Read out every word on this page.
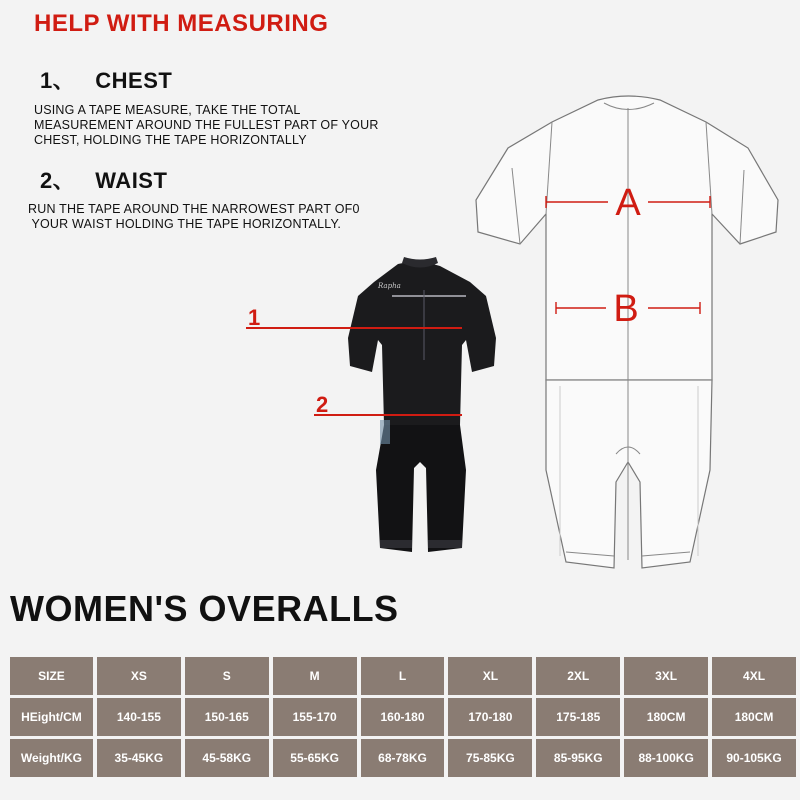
HELP WITH MEASURING
1、 CHEST

USING A TAPE MEASURE, TAKE THE TOTAL

MEASUREMENT AROUND THE FULLEST PART OF YOUR

CHEST, HOLDING THE TAPE HORIZONTALLY

2、 WAIST

RUN THE TAPE AROUND THE NARROWEST PART OF0

YOUR WAIST HOLDING THE TAPE HORIZONTALLY.

Rapha
1
2
A
B
WOMEN'S OVERALLS
SIZE	XS	S	M	L	XL	2XL	3XL	4XL
HEight/CM	140-155	150-165	155-170	160-180	170-180	175-185	180CM	180CM
Weight/KG	35-45KG	45-58KG	55-65KG	68-78KG	75-85KG	85-95KG	88-100KG	90-105KG
